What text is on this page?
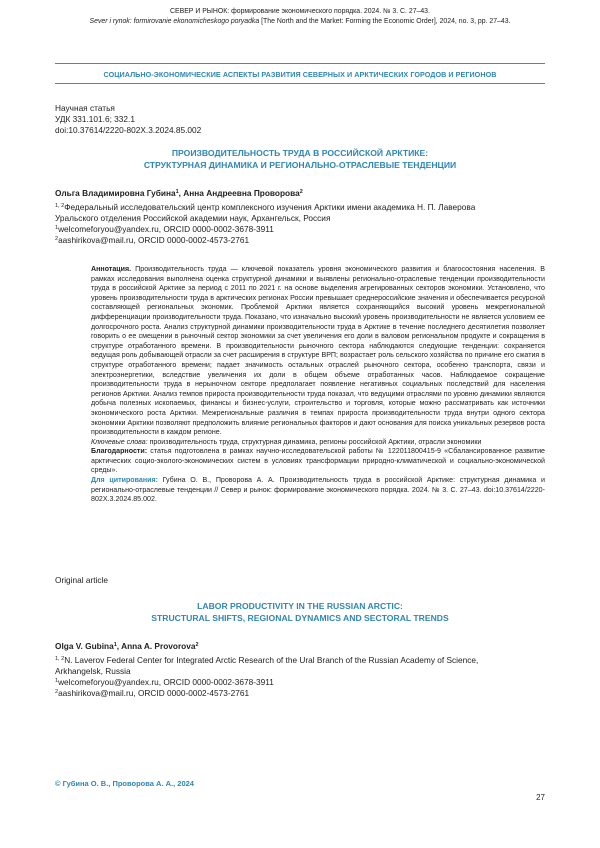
СЕВЕР И РЫНОК: формирование экономического порядка. 2024. № 3. С. 27–43.
Sever i rynok: formirovanie ekonomicheskogo poryadka [The North and the Market: Forming the Economic Order], 2024, no. 3, pp. 27–43.
СОЦИАЛЬНО-ЭКОНОМИЧЕСКИЕ АСПЕКТЫ РАЗВИТИЯ СЕВЕРНЫХ И АРКТИЧЕСКИХ ГОРОДОВ И РЕГИОНОВ
Научная статья
УДК 331.101.6; 332.1
doi:10.37614/2220-802X.3.2024.85.002
ПРОИЗВОДИТЕЛЬНОСТЬ ТРУДА В РОССИЙСКОЙ АРКТИКЕ:
СТРУКТУРНАЯ ДИНАМИКА И РЕГИОНАЛЬНО-ОТРАСЛЕВЫЕ ТЕНДЕНЦИИ
Ольга Владимировна Губина$^1$, Анна Андреевна Проворова$^2$
$^{1, 2}$Федеральный исследовательский центр комплексного изучения Арктики имени академика Н. П. Лаверова
Уральского отделения Российской академии наук, Архангельск, Россия
$^1$welcomeforyou@yandex.ru, ORCID 0000-0002-3678-3911
$^2$aashirikova@mail.ru, ORCID 0000-0002-4573-2761

Аннотация. Производительность труда — ключевой показатель уровня экономического развития и благосостояния населения. В рамках исследования выполнена оценка структурной динамики и выявлены регионально-отраслевые тенденции производительности труда в российской Арктике за период с 2011 по 2021 г. на основе выделения агрегированных секторов экономики. Установлено, что уровень производительности труда в арктических регионах России превышает среднероссийские значения и обеспечивается ресурсной составляющей региональных экономик. Проблемой Арктики является сохраняющийся высокий уровень межрегиональной дифференциации производительности труда. Показано, что изначально высокий уровень производительности не является условием ее долгосрочного роста. Анализ структурной динамики производительности труда в Арктике в течение последнего десятилетия позволяет говорить о ее смещении в рыночный сектор экономики за счет увеличения его доли в валовом региональном продукте и сокращения в структуре отработанного времени. В производительности рыночного сектора наблюдаются следующие тенденции: сохраняется ведущая роль добывающей отрасли за счет расширения в структуре ВРП; возрастает роль сельского хозяйства по причине его сжатия в структуре отработанного времени; падает значимость остальных отраслей рыночного сектора, особенно транспорта, связи и электроэнергетики, вследствие увеличения их доли в общем объеме отработанных часов. Наблюдаемое сокращение производительности труда в нерыночном секторе предполагает появление негативных социальных последствий для населения регионов Арктики. Анализ темпов прироста производительности труда показал, что ведущими отраслями по уровню динамики являются добыча полезных ископаемых, финансы и бизнес-услуги, строительство и торговля, которые можно рассматривать как источники экономического роста Арктики. Межрегиональные различия в темпах прироста производительности труда внутри одного сектора экономики Арктики позволяют предположить влияние региональных факторов и дают основания для поиска уникальных резервов роста производительности в каждом регионе.

Ключевые слова: производительность труда, структурная динамика, регионы российской Арктики, отрасли экономики

Благодарности: статья подготовлена в рамках научно-исследовательской работы № 122011800415-9 «Сбалансированное развитие арктических социо-эколого-экономических систем в условиях трансформации природно-климатической и социально-экономической среды».

Для цитирования: Губина О. В., Проворова А. А. Производительность труда в российской Арктике: структурная динамика и регионально-отраслевые тенденции // Север и рынок: формирование экономического порядка. 2024. № 3. С. 27–43. doi:10.37614/2220-802X.3.2024.85.002.

Original article
LABOR PRODUCTIVITY IN THE RUSSIAN ARCTIC:
STRUCTURAL SHIFTS, REGIONAL DYNAMICS AND SECTORAL TRENDS
Olga V. Gubina$^1$, Anna A. Provorova$^2$
$^{1, 2}$N. Laverov Federal Center for Integrated Arctic Research of the Ural Branch of the Russian Academy of Science,
Arkhangelsk, Russia
$^1$welcomeforyou@yandex.ru, ORCID 0000-0002-3678-3911
$^2$aashirikova@mail.ru, ORCID 0000-0002-4573-2761
© Губина О. В., Проворова А. А., 2024
27
